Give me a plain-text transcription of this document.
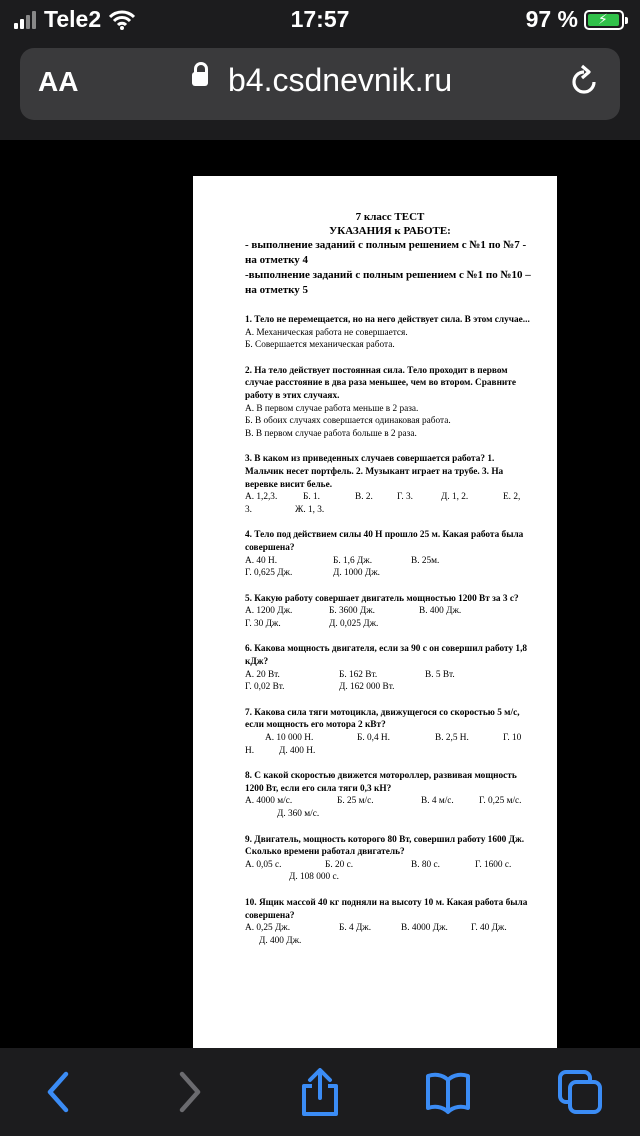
Tele2	17:57	97 % ⚡
AA	b4.csdnevnik.ru
7 класс ТЕСТ
УКАЗАНИЯ к РАБОТЕ:
- выполнение заданий с полным решением с №1 по №7 - на отметку 4
-выполнение заданий с полным решением с №1 по №10 – на отметку 5
1. Тело не перемещается, но на него действует сила. В этом случае...
А. Механическая работа не совершается.
Б. Совершается механическая работа.
2. На тело действует постоянная сила. Тело проходит в первом случае расстояние в два раза меньшее, чем во втором. Сравните работу в этих случаях.
А. В первом случае работа меньше в 2 раза.
Б. В обоих случаях совершается одинаковая работа.
В. В первом случае работа больше в 2 раза.
3. В каком из приведенных случаев совершается работа? 1. Мальчик несет портфель. 2. Музыкант играет на трубе. 3. На веревке висит белье.
А. 1,2,3.	Б. 1.	В. 2.	Г. 3.	Д. 1, 2.	Е. 2,
3.	Ж. 1, 3.
4. Тело под действием силы 40 Н прошло 25 м. Какая работа была совершена?
А. 40 Н.	Б. 1,6 Дж.	В. 25м.
Г. 0,625 Дж.	Д. 1000 Дж.
5. Какую работу совершает двигатель мощностью 1200 Вт за 3 с?
А. 1200 Дж.	Б. 3600 Дж.	В. 400 Дж.
Г. 30 Дж.	Д. 0,025 Дж.
6. Какова мощность двигателя, если за 90 с он совершил работу 1,8 кДж?
А. 20 Вт.	Б. 162 Вт.	В. 5 Вт.
Г. 0,02 Вт.	Д. 162 000 Вт.
7. Какова сила тяги мотоцикла, движущегося со скоростью 5 м/с, если мощность его мотора 2 кВт?
А. 10 000 Н.	Б. 0,4 Н.	В. 2,5 Н.	Г. 10
Н.	Д. 400 Н.
8. С какой скоростью движется мотороллер, развивая мощность 1200 Вт, если его сила тяги 0,3 кН?
А. 4000 м/с.	Б. 25 м/с.	В. 4 м/с.	Г. 0,25 м/с.
Д. 360 м/с.
9. Двигатель, мощность которого 80 Вт, совершил работу 1600 Дж. Сколько времени работал двигатель?
А. 0,05 с.	Б. 20 с.	В. 80 с.	Г. 1600 с.
Д. 108 000 с.
10. Ящик массой 40 кг подняли на высоту 10 м. Какая работа была совершена?
А. 0,25 Дж.	Б. 4 Дж.	В. 4000 Дж.	Г. 40 Дж.
Д. 400 Дж.
